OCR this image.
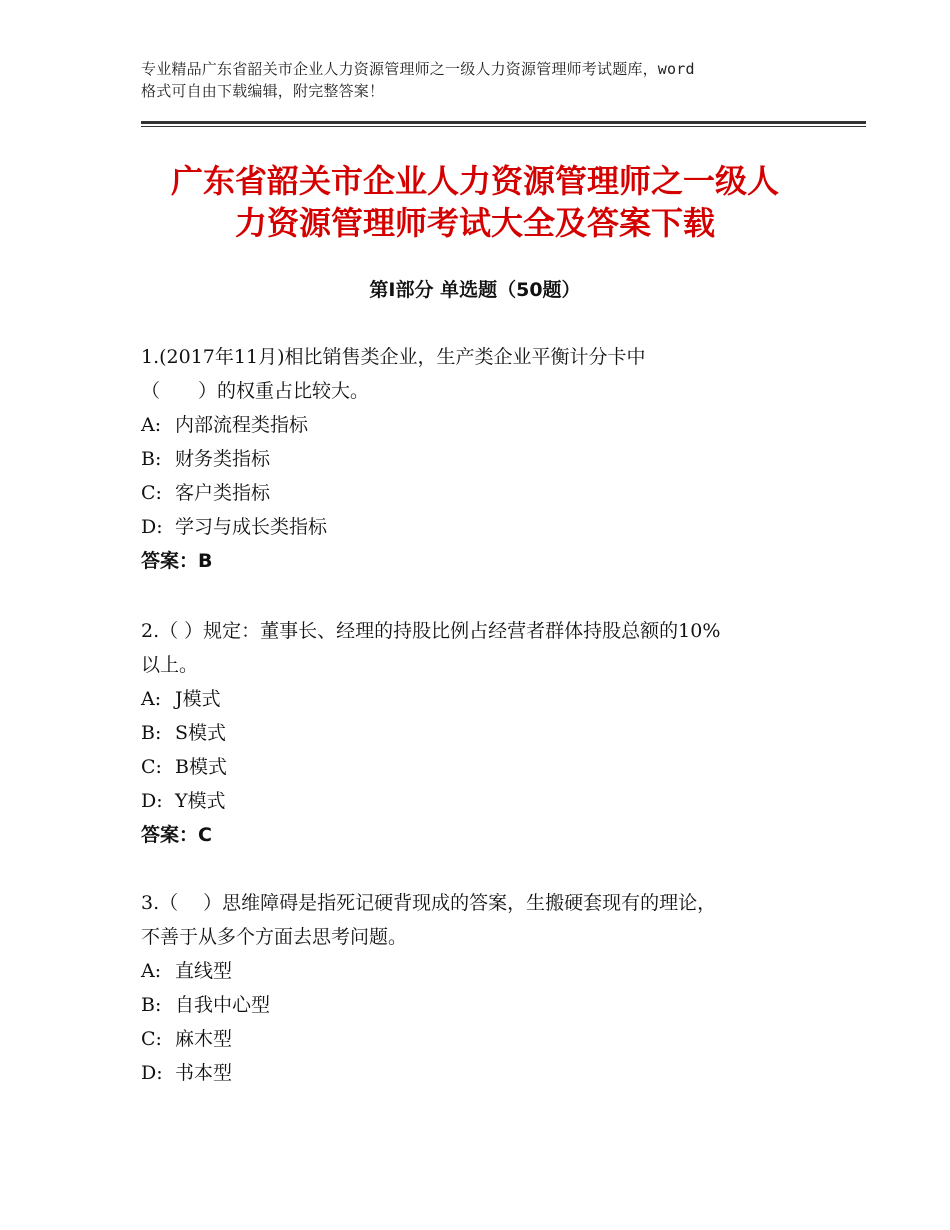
专业精品广东省韶关市企业人力资源管理师之一级人力资源管理师考试题库，word
格式可自由下载编辑，附完整答案！
广东省韶关市企业人力资源管理师之一级人
力资源管理师考试大全及答案下载
第Ⅰ部分 单选题（50题）
1.(2017年11月)相比销售类企业，生产类企业平衡计分卡中
（　　）的权重占比较大。
A: 内部流程类指标
B: 财务类指标
C: 客户类指标
D: 学习与成长类指标
答案：B
2.（ ）规定：董事长、经理的持股比例占经营者群体持股总额的10%
以上。
A: J模式
B: S模式
C: B模式
D: Y模式
答案：C
3.（　 ）思维障碍是指死记硬背现成的答案，生搬硬套现有的理论，
不善于从多个方面去思考问题。
A: 直线型
B: 自我中心型
C: 麻木型
D: 书本型
